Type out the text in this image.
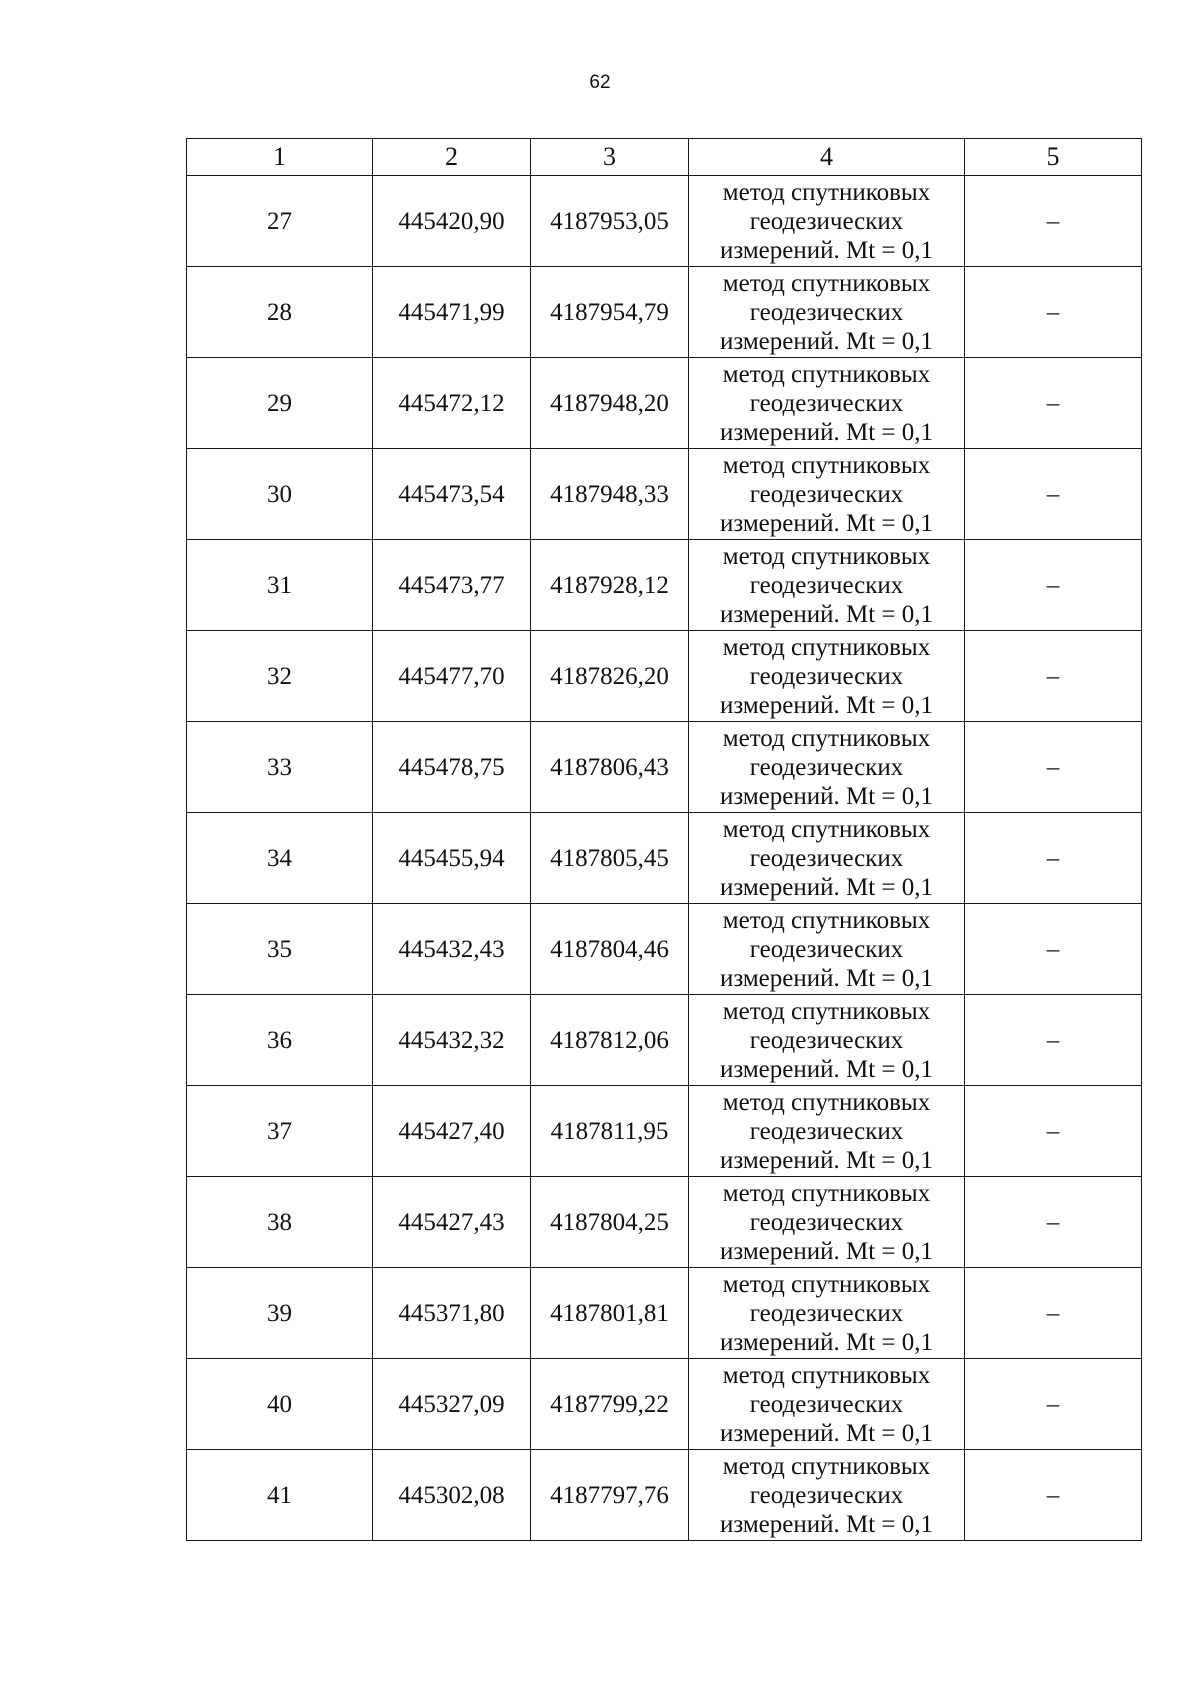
62
1	2	3	4	5
27	445420,90	4187953,05	метод спутниковых
геодезических
измерений. Mt = 0,1	–
28	445471,99	4187954,79	метод спутниковых
геодезических
измерений. Mt = 0,1	–
29	445472,12	4187948,20	метод спутниковых
геодезических
измерений. Mt = 0,1	–
30	445473,54	4187948,33	метод спутниковых
геодезических
измерений. Mt = 0,1	–
31	445473,77	4187928,12	метод спутниковых
геодезических
измерений. Mt = 0,1	–
32	445477,70	4187826,20	метод спутниковых
геодезических
измерений. Mt = 0,1	–
33	445478,75	4187806,43	метод спутниковых
геодезических
измерений. Mt = 0,1	–
34	445455,94	4187805,45	метод спутниковых
геодезических
измерений. Mt = 0,1	–
35	445432,43	4187804,46	метод спутниковых
геодезических
измерений. Mt = 0,1	–
36	445432,32	4187812,06	метод спутниковых
геодезических
измерений. Mt = 0,1	–
37	445427,40	4187811,95	метод спутниковых
геодезических
измерений. Mt = 0,1	–
38	445427,43	4187804,25	метод спутниковых
геодезических
измерений. Mt = 0,1	–
39	445371,80	4187801,81	метод спутниковых
геодезических
измерений. Mt = 0,1	–
40	445327,09	4187799,22	метод спутниковых
геодезических
измерений. Mt = 0,1	–
41	445302,08	4187797,76	метод спутниковых
геодезических
измерений. Mt = 0,1	–
